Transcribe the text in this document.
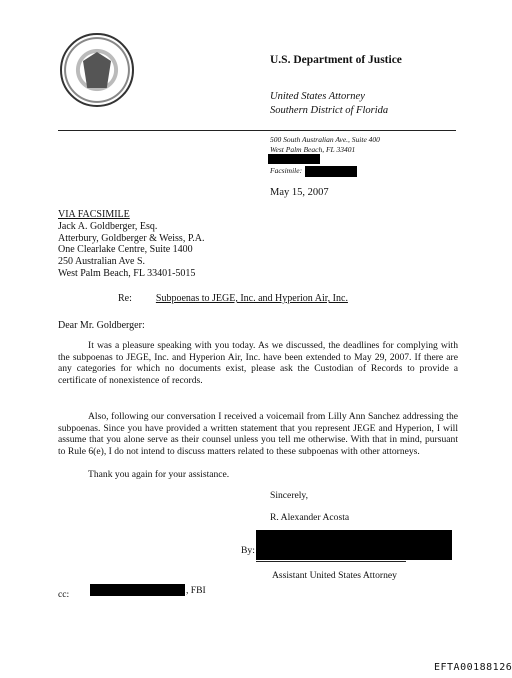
U.S. Department of Justice
United States Attorney
Southern District of Florida
500 South Australian Ave., Suite 400
West Palm Beach, FL 33401
Facsimile:
May 15, 2007
VIA FACSIMILE
Jack A. Goldberger, Esq.
Atterbury, Goldberger & Weiss, P.A.
One Clearlake Centre, Suite 1400
250 Australian Ave S.
West Palm Beach, FL 33401-5015
Re: Subpoenas to JEGE, Inc. and Hyperion Air, Inc.
Dear Mr. Goldberger:
It was a pleasure speaking with you today. As we discussed, the deadlines for complying with the subpoenas to JEGE, Inc. and Hyperion Air, Inc. have been extended to May 29, 2007. If there are any categories for which no documents exist, please ask the Custodian of Records to provide a certificate of nonexistence of records.
Also, following our conversation I received a voicemail from Lilly Ann Sanchez addressing the subpoenas. Since you have provided a written statement that you represent JEGE and Hyperion, I will assume that you alone serve as their counsel unless you tell me otherwise. With that in mind, pursuant to Rule 6(e), I do not intend to discuss matters related to these subpoenas with other attorneys.
Thank you again for your assistance.
Sincerely,
R. Alexander Acosta
By:
Assistant United States Attorney
cc:	, FBI
EFTA00188126
